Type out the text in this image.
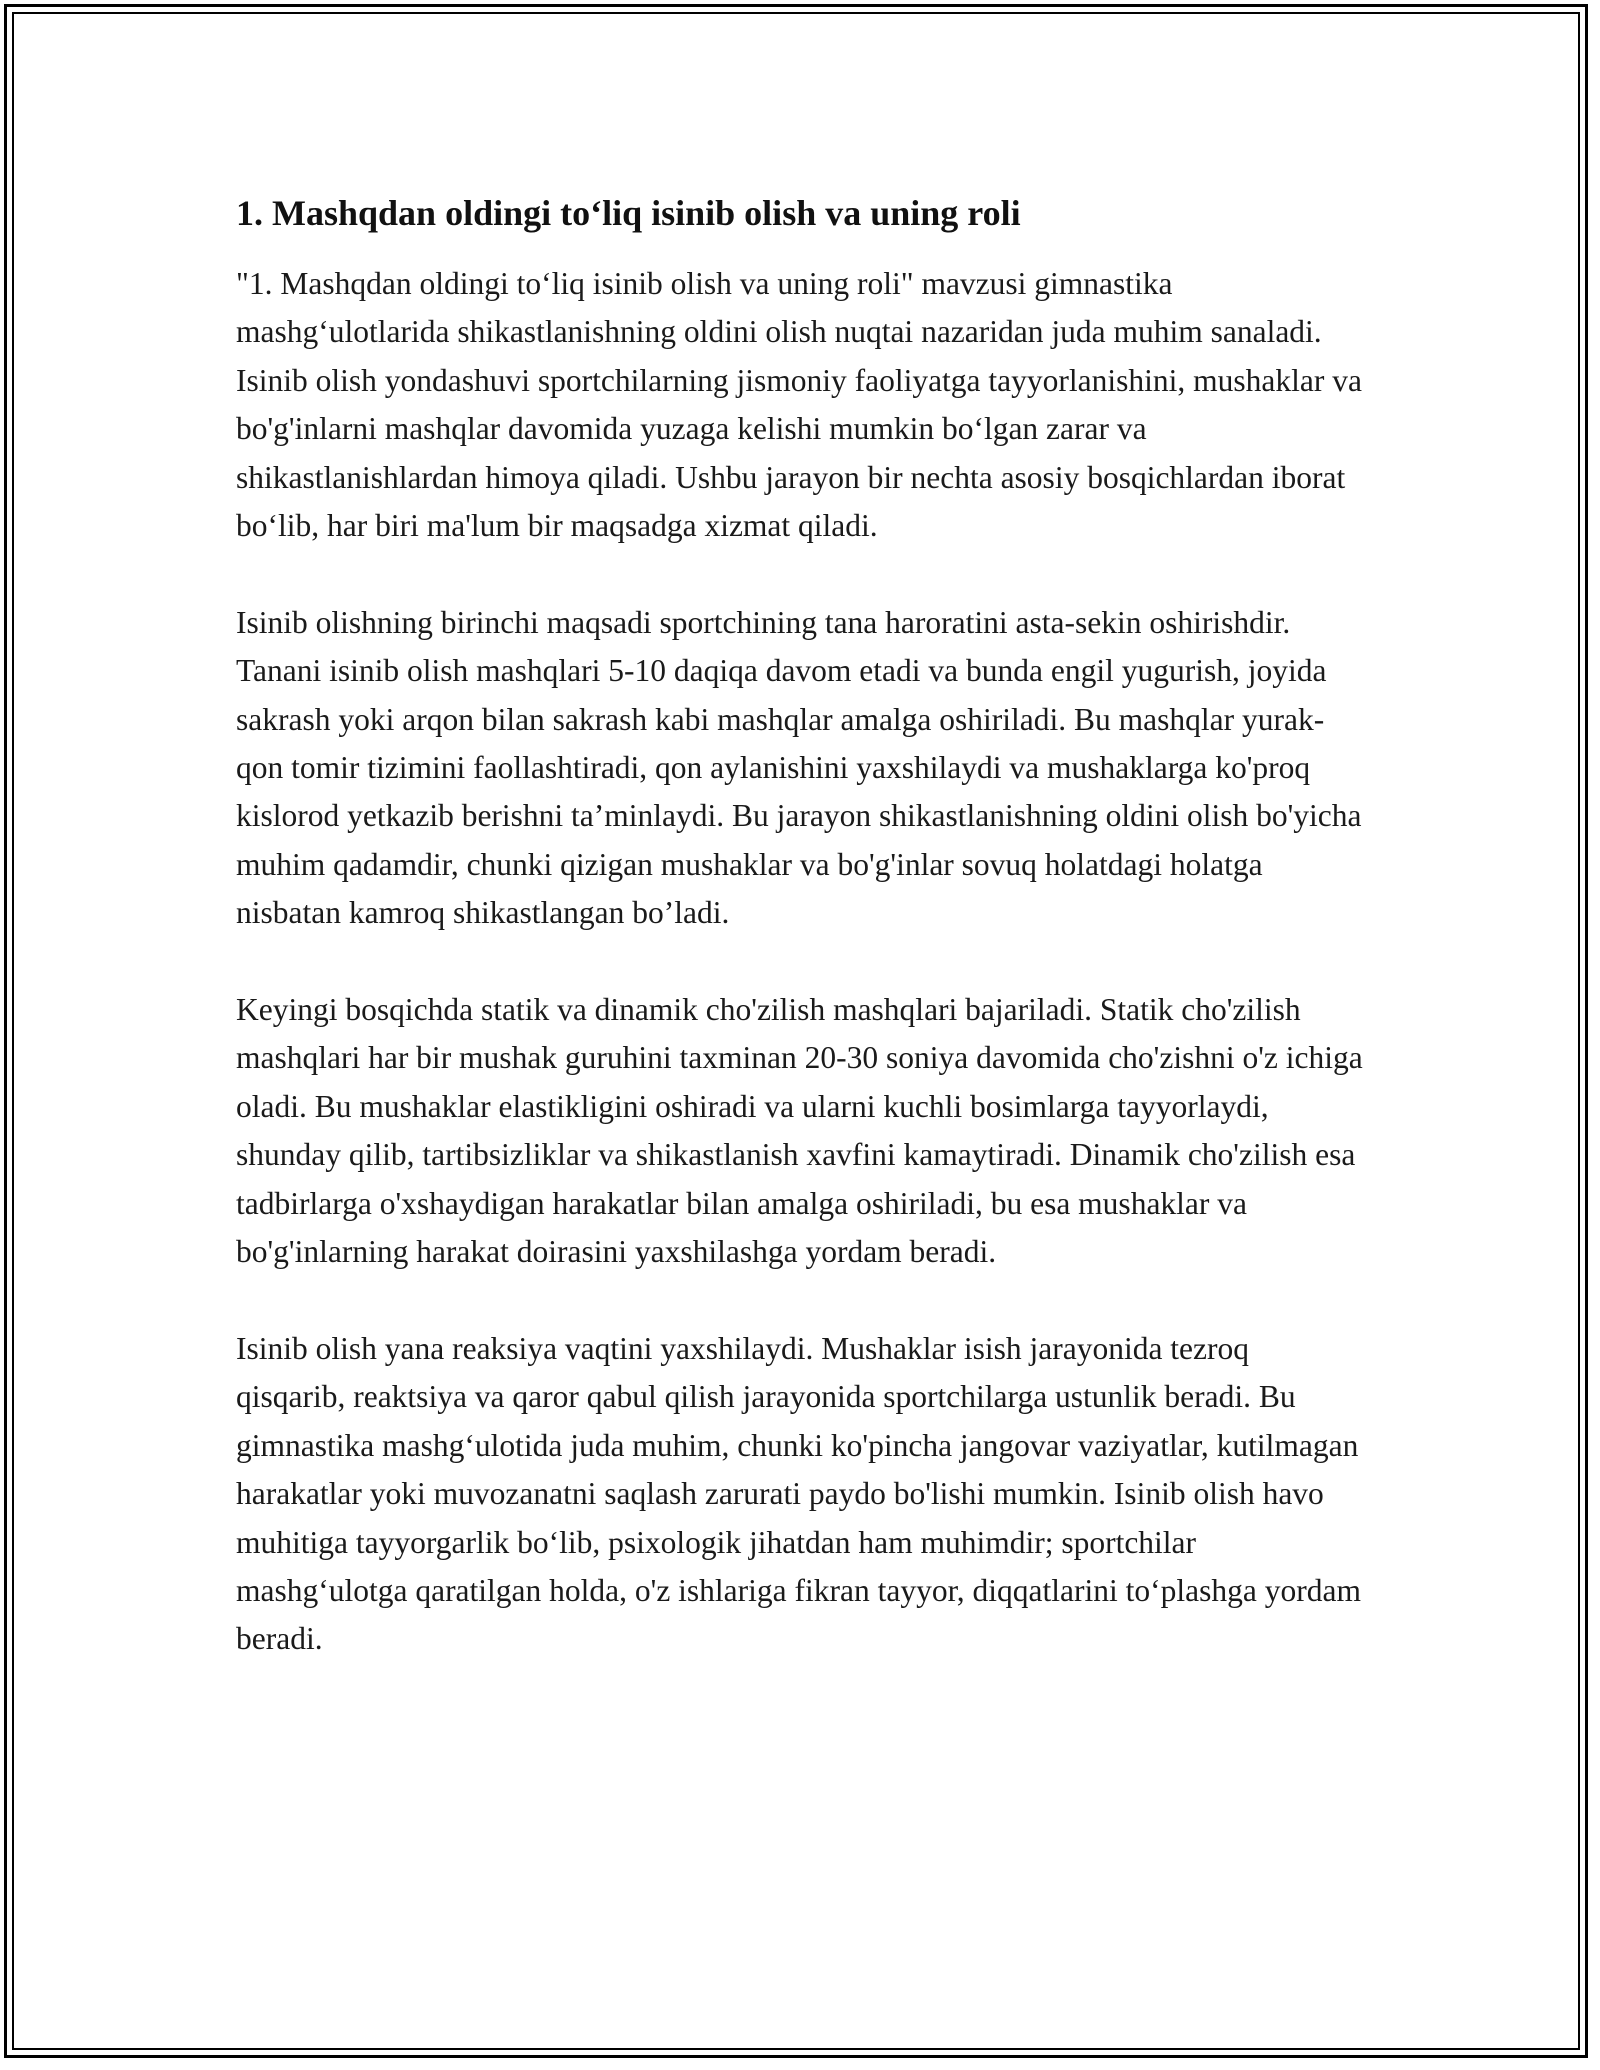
1. Mashqdan oldingi to‘liq isinib olish va uning roli

"1. Mashqdan oldingi to‘liq isinib olish va uning roli" mavzusi gimnastika mashg‘ulotlarida shikastlanishning oldini olish nuqtai nazaridan juda muhim sanaladi. Isinib olish yondashuvi sportchilarning jismoniy faoliyatga tayyorlanishini, mushaklar va bo'g'inlarni mashqlar davomida yuzaga kelishi mumkin bo‘lgan zarar va shikastlanishlardan himoya qiladi. Ushbu jarayon bir nechta asosiy bosqichlardan iborat bo‘lib, har biri ma'lum bir maqsadga xizmat qiladi.

Isinib olishning birinchi maqsadi sportchining tana haroratini asta-sekin oshirishdir. Tanani isinib olish mashqlari 5-10 daqiqa davom etadi va bunda engil yugurish, joyida sakrash yoki arqon bilan sakrash kabi mashqlar amalga oshiriladi. Bu mashqlar yurak-qon tomir tizimini faollashtiradi, qon aylanishini yaxshilaydi va mushaklarga ko'proq kislorod yetkazib berishni ta’minlaydi. Bu jarayon shikastlanishning oldini olish bo'yicha muhim qadamdir, chunki qizigan mushaklar va bo'g'inlar sovuq holatdagi holatga nisbatan kamroq shikastlangan bo’ladi.

Keyingi bosqichda statik va dinamik cho'zilish mashqlari bajariladi. Statik cho'zilish mashqlari har bir mushak guruhini taxminan 20-30 soniya davomida cho'zishni o'z ichiga oladi. Bu mushaklar elastikligini oshiradi va ularni kuchli bosimlarga tayyorlaydi, shunday qilib, tartibsizliklar va shikastlanish xavfini kamaytiradi. Dinamik cho'zilish esa tadbirlarga o'xshaydigan harakatlar bilan amalga oshiriladi, bu esa mushaklar va bo'g'inlarning harakat doirasini yaxshilashga yordam beradi.

Isinib olish yana reaksiya vaqtini yaxshilaydi. Mushaklar isish jarayonida tezroq qisqarib, reaktsiya va qaror qabul qilish jarayonida sportchilarga ustunlik beradi. Bu gimnastika mashg‘ulotida juda muhim, chunki ko'pincha jangovar vaziyatlar, kutilmagan harakatlar yoki muvozanatni saqlash zarurati paydo bo'lishi mumkin. Isinib olish havo muhitiga tayyorgarlik bo‘lib, psixologik jihatdan ham muhimdir; sportchilar mashg‘ulotga qaratilgan holda, o'z ishlariga fikran tayyor, diqqatlarini to‘plashga yordam beradi.
